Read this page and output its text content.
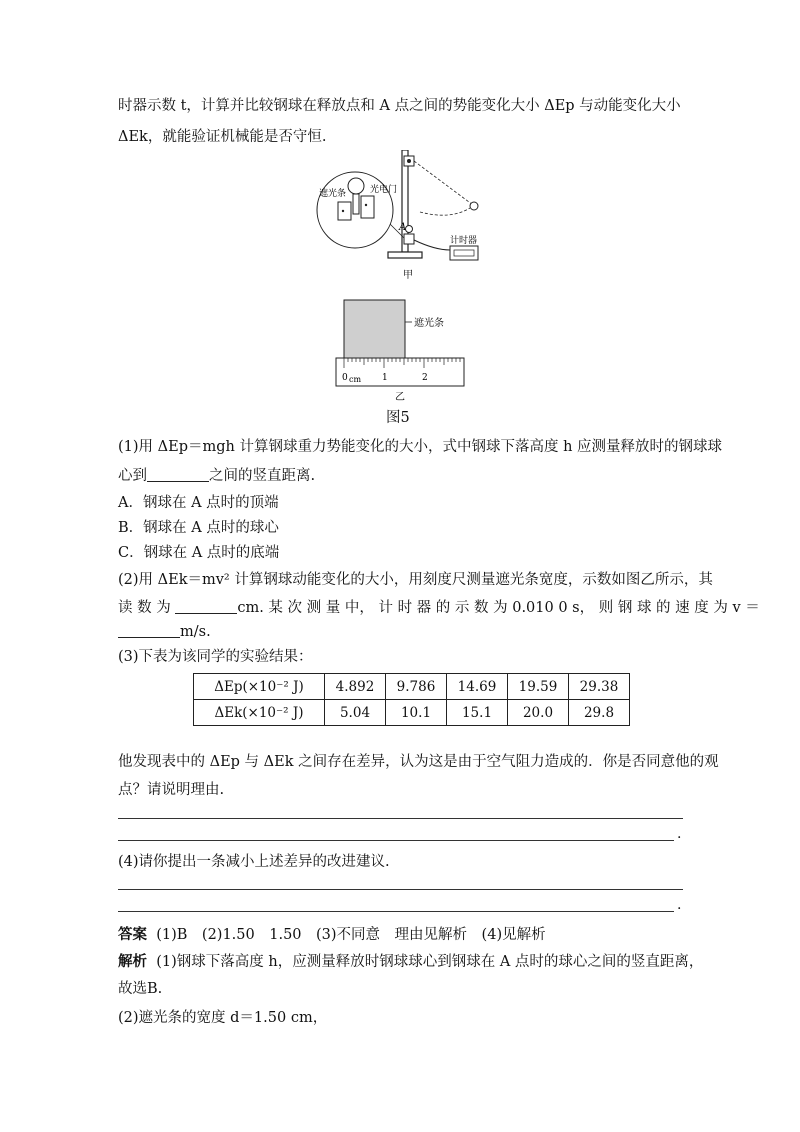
时器示数 t，计算并比较钢球在释放点和 A 点之间的势能变化大小 ΔEp 与动能变化大小
ΔEk，就能验证机械能是否守恒.
A
计时器
遮光条	光电门
甲
遮光条
0 cm 1	2
乙
图5
(1)用 ΔEp＝mgh 计算钢球重力势能变化的大小，式中钢球下落高度 h 应测量释放时的钢球球
心到	之间的竖直距离.
A．钢球在 A 点时的顶端
B．钢球在 A 点时的球心
C．钢球在 A 点时的底端
(2)用 ΔEk＝mv² 计算钢球动能变化的大小，用刻度尺测量遮光条宽度，示数如图乙所示，其
读 数 为	cm. 某 次 测 量 中， 计 时 器 的 示 数 为 0.010 0 s， 则 钢 球 的 速 度 为 v ＝
m/s.
(3)下表为该同学的实验结果：
ΔEp(×10⁻² J)	4.892	9.786	14.69	19.59	29.38
ΔEk(×10⁻² J)	5.04	10.1	15.1	20.0	29.8
他发现表中的 ΔEp 与 ΔEk 之间存在差异，认为这是由于空气阻力造成的．你是否同意他的观
点？请说明理由.
.
(4)请你提出一条减小上述差异的改进建议.
.
答案 (1)B　(2)1.50　1.50　(3)不同意　理由见解析　(4)见解析
解析 (1)钢球下落高度 h，应测量释放时钢球球心到钢球在 A 点时的球心之间的竖直距离，
故选B.
(2)遮光条的宽度 d＝1.50 cm，
